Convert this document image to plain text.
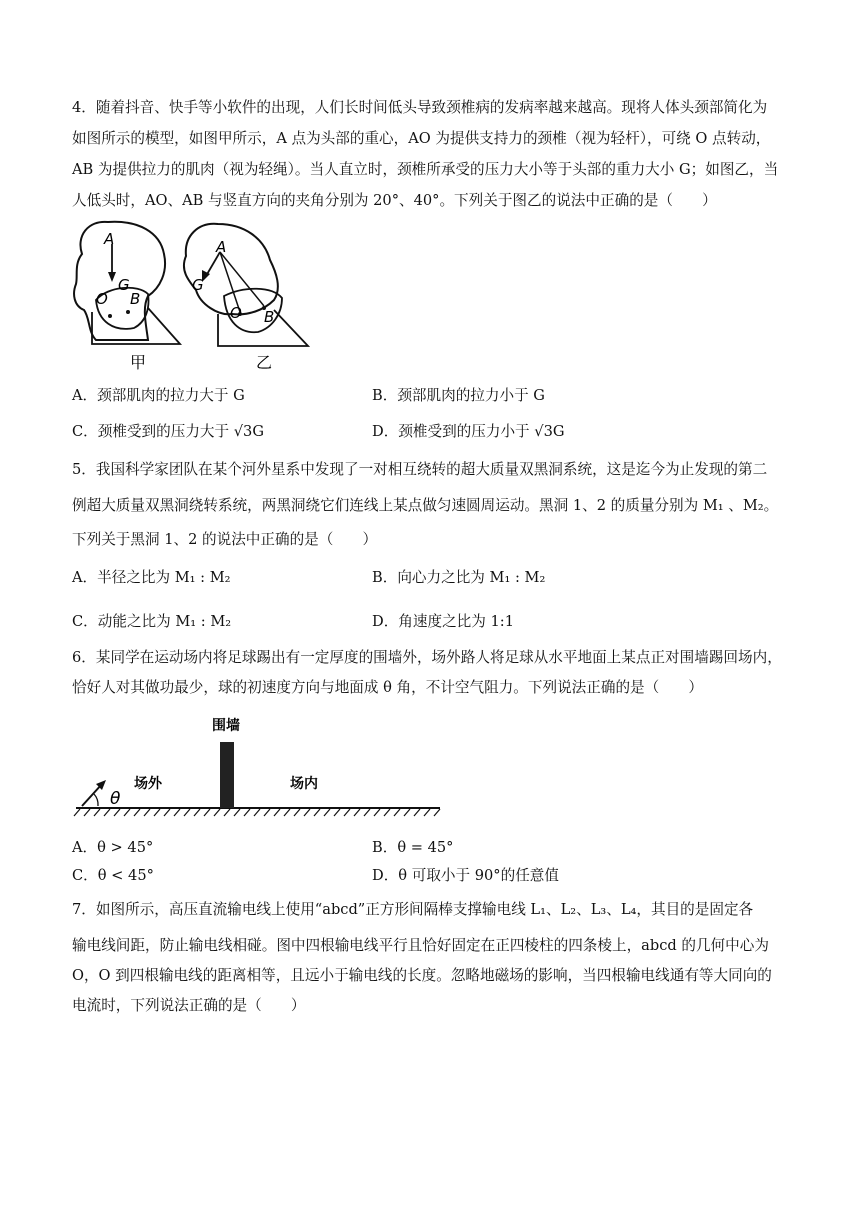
4．随着抖音、快手等小软件的出现，人们长时间低头导致颈椎病的发病率越来越高。现将人体头颈部简化为
如图所示的模型，如图甲所示，A 点为头部的重心，AO 为提供支持力的颈椎（视为轻杆），可绕 O 点转动，
AB 为提供拉力的肌肉（视为轻绳）。当人直立时，颈椎所承受的压力大小等于头部的重力大小 G；如图乙，当
人低头时，AO、AB 与竖直方向的夹角分别为 20°、40°。下列关于图乙的说法中正确的是（　　）
A
G
O B
甲
A
G
O B
乙
A．颈部肌肉的拉力大于 G	B．颈部肌肉的拉力小于 G
C．颈椎受到的压力大于 √3G	D．颈椎受到的压力小于 √3G
5．我国科学家团队在某个河外星系中发现了一对相互绕转的超大质量双黑洞系统，这是迄今为止发现的第二
例超大质量双黑洞绕转系统，两黑洞绕它们连线上某点做匀速圆周运动。黑洞 1、2 的质量分别为 M₁ 、M₂。
下列关于黑洞 1、2 的说法中正确的是（　　）
A．半径之比为 M₁ : M₂	B．向心力之比为 M₁ : M₂
C．动能之比为 M₁ : M₂	D．角速度之比为 1:1
6．某同学在运动场内将足球踢出有一定厚度的围墙外，场外路人将足球从水平地面上某点正对围墙踢回场内，
恰好人对其做功最少，球的初速度方向与地面成 θ 角，不计空气阻力。下列说法正确的是（　　）
围墙
场外	场内
θ
A．θ > 45°	B．θ = 45°
C．θ < 45°	D．θ 可取小于 90°的任意值
7．如图所示，高压直流输电线上使用“abcd”正方形间隔棒支撑输电线 L₁、L₂、L₃、L₄，其目的是固定各
输电线间距，防止输电线相碰。图中四根输电线平行且恰好固定在正四棱柱的四条棱上，abcd 的几何中心为
O，O 到四根输电线的距离相等，且远小于输电线的长度。忽略地磁场的影响，当四根输电线通有等大同向的
电流时，下列说法正确的是（　　）
